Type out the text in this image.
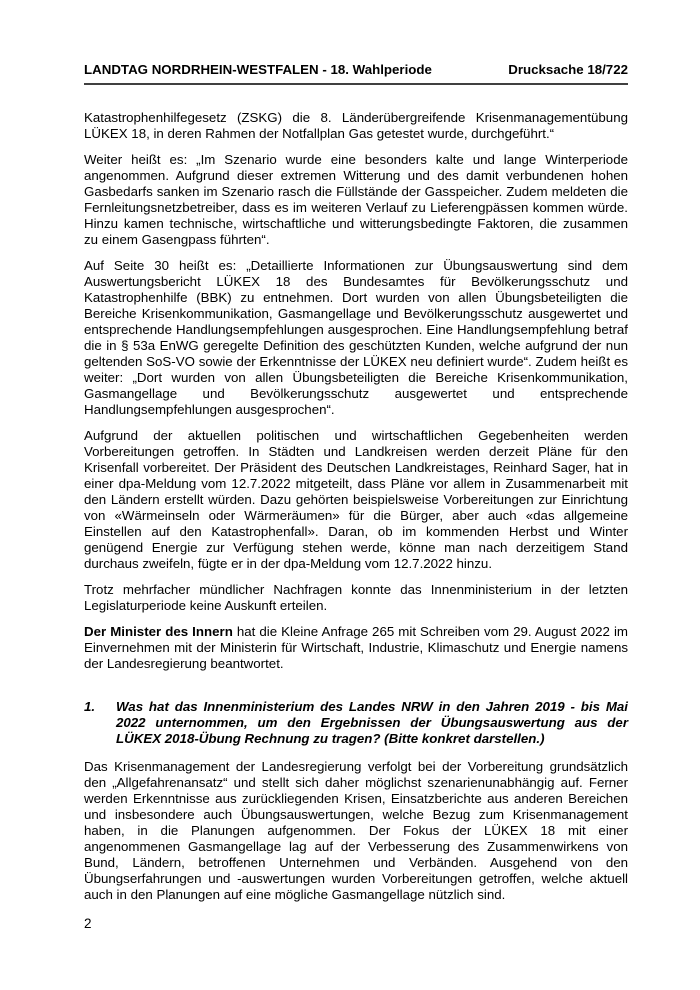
LANDTAG NORDRHEIN-WESTFALEN - 18. Wahlperiode	Drucksache 18/722

Katastrophenhilfegesetz (ZSKG) die 8. Länderübergreifende Krisenmanagementübung LÜKEX 18, in deren Rahmen der Notfallplan Gas getestet wurde, durchgeführt.“

Weiter heißt es: „Im Szenario wurde eine besonders kalte und lange Winterperiode angenommen. Aufgrund dieser extremen Witterung und des damit verbundenen hohen Gasbedarfs sanken im Szenario rasch die Füllstände der Gasspeicher. Zudem meldeten die Fernleitungsnetzbetreiber, dass es im weiteren Verlauf zu Lieferengpässen kommen würde. Hinzu kamen technische, wirtschaftliche und witterungsbedingte Faktoren, die zusammen zu einem Gasengpass führten“.

Auf Seite 30 heißt es: „Detaillierte Informationen zur Übungsauswertung sind dem Auswertungsbericht LÜKEX 18 des Bundesamtes für Bevölkerungsschutz und Katastrophenhilfe (BBK) zu entnehmen. Dort wurden von allen Übungsbeteiligten die Bereiche Krisenkommunikation, Gasmangellage und Bevölkerungsschutz ausgewertet und entsprechende Handlungsempfehlungen ausgesprochen. Eine Handlungsempfehlung betraf die in § 53a EnWG geregelte Definition des geschützten Kunden, welche aufgrund der nun geltenden SoS-VO sowie der Erkenntnisse der LÜKEX neu definiert wurde“. Zudem heißt es weiter: „Dort wurden von allen Übungsbeteiligten die Bereiche Krisenkommunikation, Gasmangellage und Bevölkerungsschutz ausgewertet und entsprechende Handlungsempfehlungen ausgesprochen“.

Aufgrund der aktuellen politischen und wirtschaftlichen Gegebenheiten werden Vorbereitungen getroffen. In Städten und Landkreisen werden derzeit Pläne für den Krisenfall vorbereitet. Der Präsident des Deutschen Landkreistages, Reinhard Sager, hat in einer dpa-Meldung vom 12.7.2022 mitgeteilt, dass Pläne vor allem in Zusammenarbeit mit den Ländern erstellt würden. Dazu gehörten beispielsweise Vorbereitungen zur Einrichtung von «Wärmeinseln oder Wärmeräumen» für die Bürger, aber auch «das allgemeine Einstellen auf den Katastrophenfall». Daran, ob im kommenden Herbst und Winter genügend Energie zur Verfügung stehen werde, könne man nach derzeitigem Stand durchaus zweifeln, fügte er in der dpa-Meldung vom 12.7.2022 hinzu.

Trotz mehrfacher mündlicher Nachfragen konnte das Innenministerium in der letzten Legislaturperiode keine Auskunft erteilen.

Der Minister des Innern hat die Kleine Anfrage 265 mit Schreiben vom 29. August 2022 im Einvernehmen mit der Ministerin für Wirtschaft, Industrie, Klimaschutz und Energie namens der Landesregierung beantwortet.

1.	Was hat das Innenministerium des Landes NRW in den Jahren 2019 - bis Mai 2022 unternommen, um den Ergebnissen der Übungsauswertung aus der LÜKEX 2018-Übung Rechnung zu tragen? (Bitte konkret darstellen.)

Das Krisenmanagement der Landesregierung verfolgt bei der Vorbereitung grundsätzlich den „Allgefahrenansatz“ und stellt sich daher möglichst szenarienunabhängig auf. Ferner werden Erkenntnisse aus zurückliegenden Krisen, Einsatzberichte aus anderen Bereichen und insbesondere auch Übungsauswertungen, welche Bezug zum Krisenmanagement haben, in die Planungen aufgenommen. Der Fokus der LÜKEX 18 mit einer angenommenen Gasmangellage lag auf der Verbesserung des Zusammenwirkens von Bund, Ländern, betroffenen Unternehmen und Verbänden. Ausgehend von den Übungserfahrungen und -auswertungen wurden Vorbereitungen getroffen, welche aktuell auch in den Planungen auf eine mögliche Gasmangellage nützlich sind.

2
